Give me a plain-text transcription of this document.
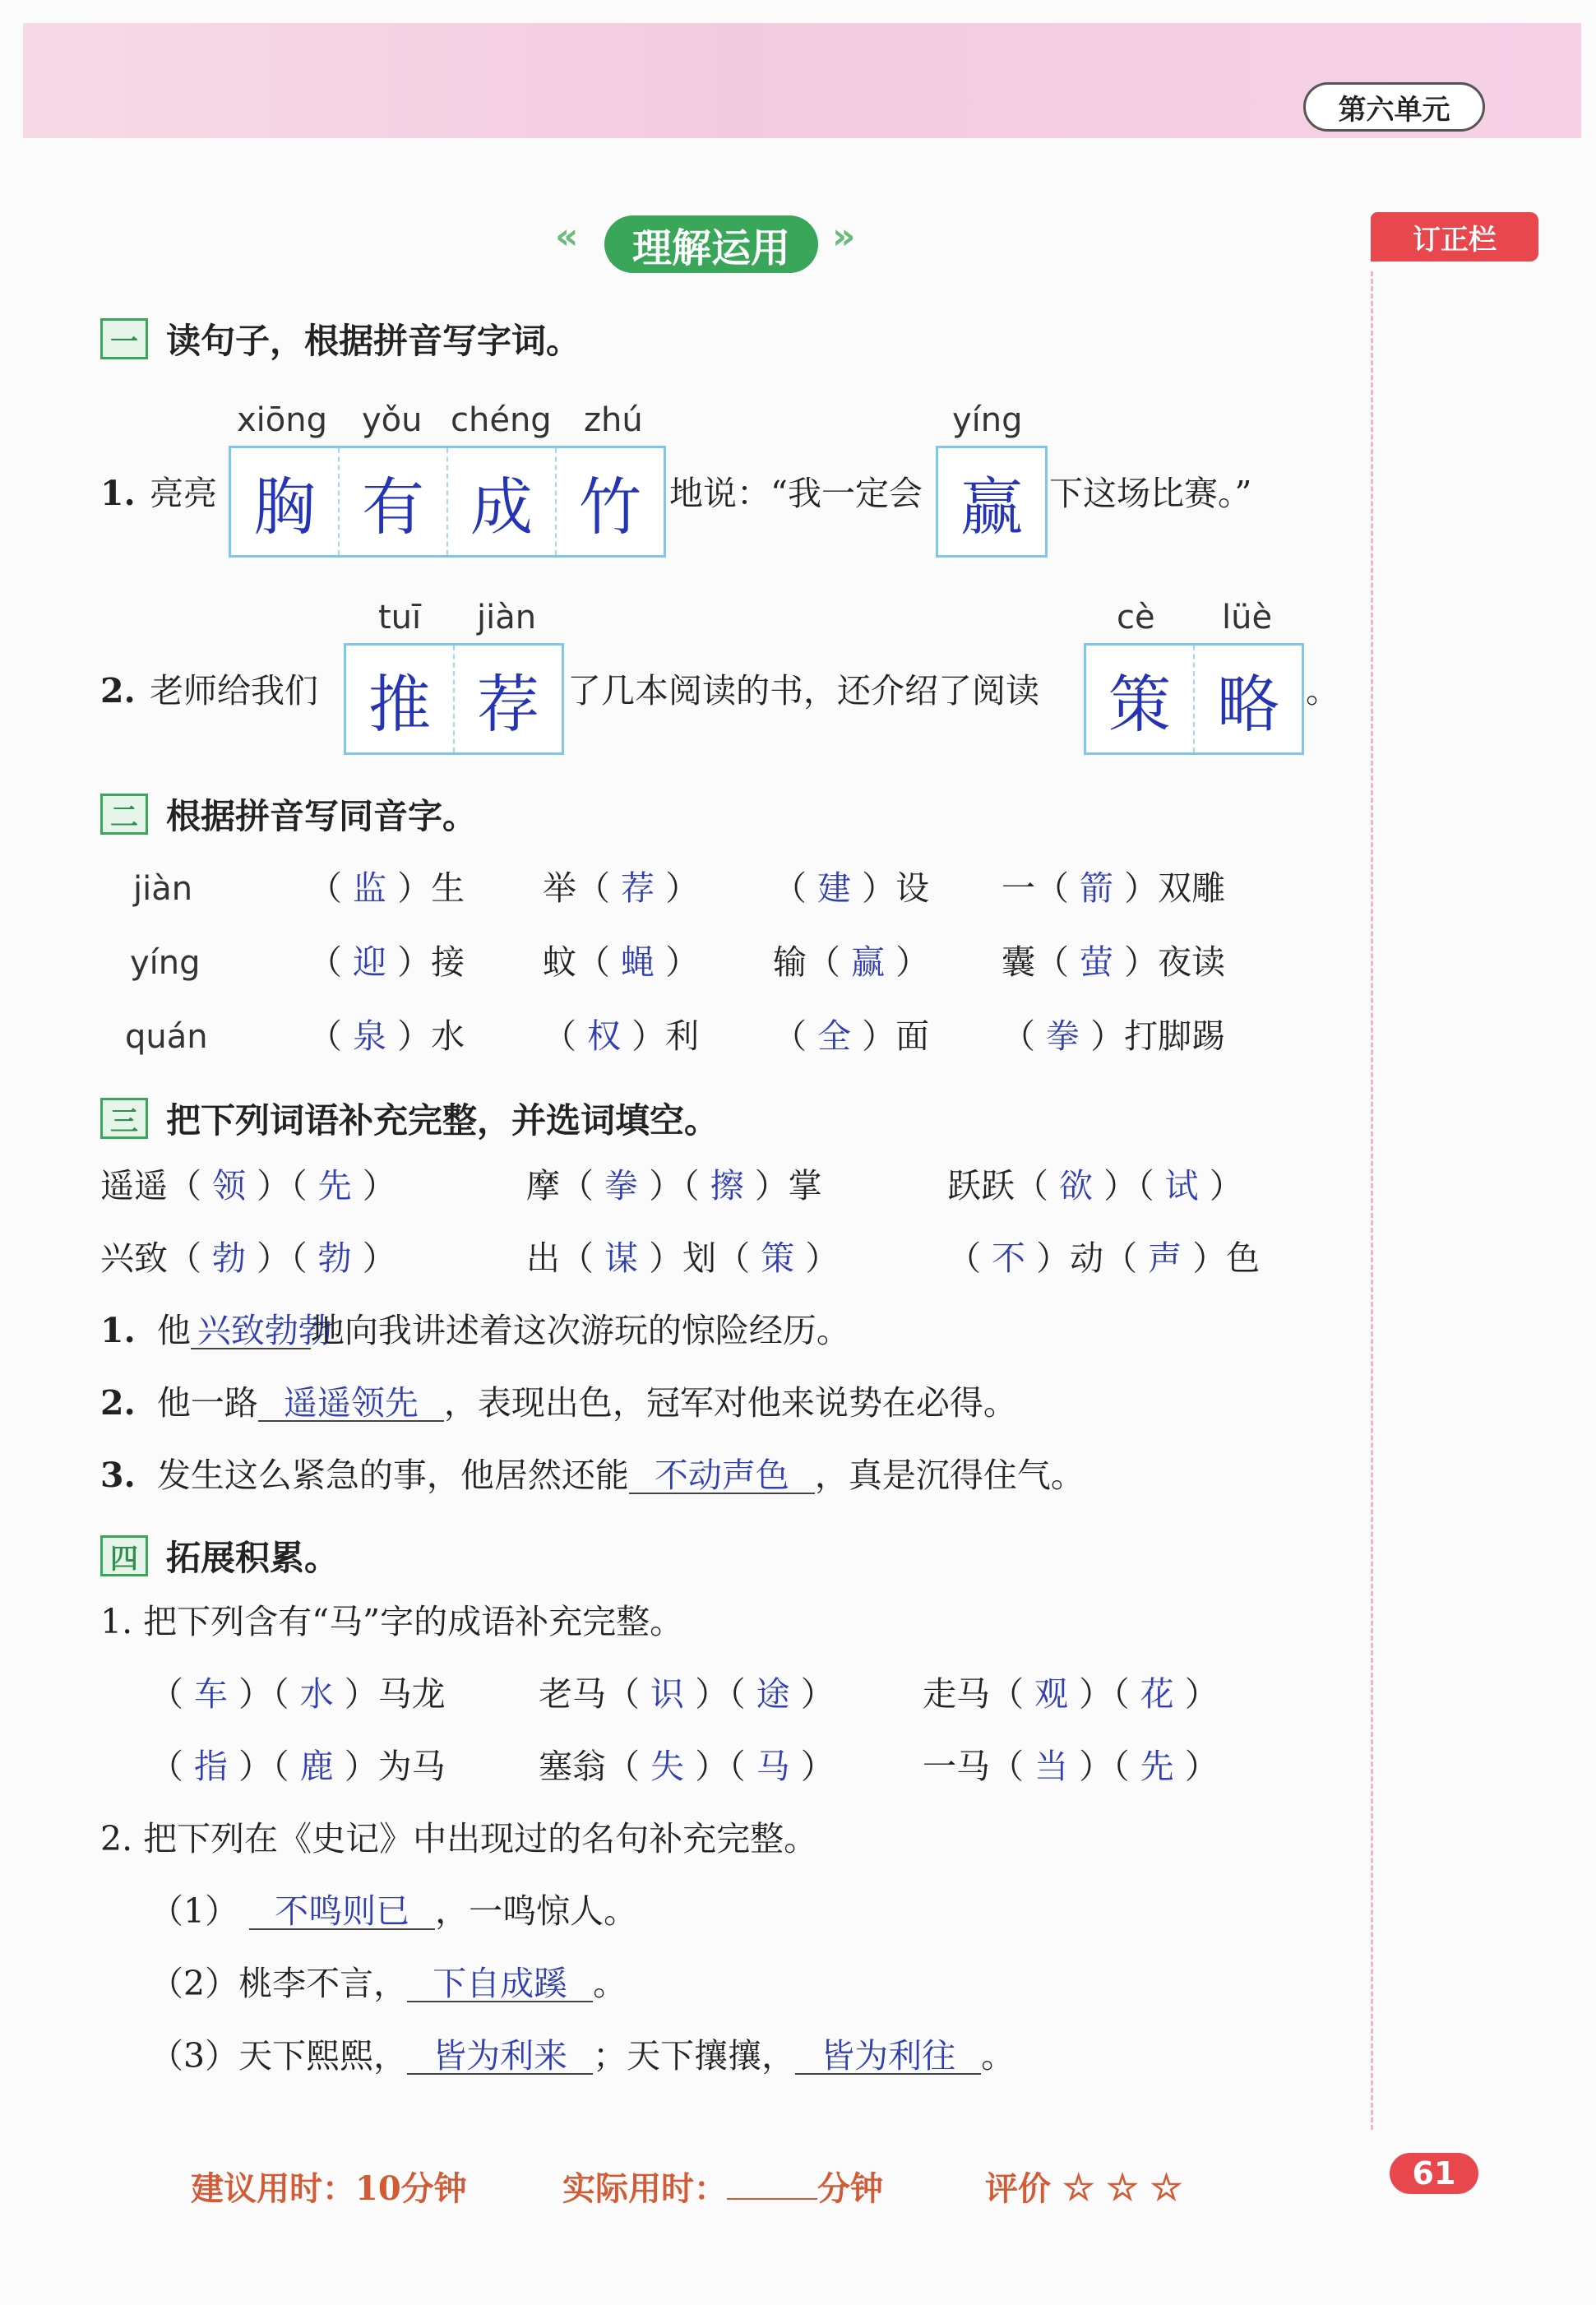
第六单元
订正栏
«	理解运用	»
一 读句子，根据拼音写字词。
xiōng yǒu chéng zhú	yíng
1. 亮亮 胸 有 成 竹 地说：“我一定会 赢 下这场比赛。”
tuī jiàn	cè lüè
2. 老师给我们 推 荐 了几本阅读的书，还介绍了阅读	策 略 。
二 根据拼音写同音字。
jiàn	（ 监 ）生 举（ 荐 ） （ 建 ）设 一（ 箭 ）双雕
yíng	（ 迎 ）接 蚊（ 蝇 ） 输（ 赢 ） 囊（ 萤 ）夜读
quán	（ 泉 ）水 （ 权 ）利 （ 全 ）面 （ 拳 ）打脚踢
三 把下列词语补充完整，并选词填空。
遥遥（ 领 ）（ 先 ）	摩（ 拳 ）（ 擦 ）掌	跃跃（ 欲 ）（ 试 ）
兴致（ 勃 ）（ 勃 ）	出（ 谋 ）划（ 策 ）	（ 不 ）动（ 声 ）色
1. 他 兴致勃勃地向我讲述着这次游玩的惊险经历。
2. 他一路 遥遥领先 ，表现出色，冠军对他来说势在必得。
3. 发生这么紧急的事，他居然还能 不动声色 ，真是沉得住气。
四 拓展积累。
1. 把下列含有“马”字的成语补充完整。
（ 车 ）（ 水 ）马龙	老马（ 识 ）（ 途 ）	走马（ 观 ）（ 花 ）
（ 指 ）（ 鹿 ）为马	塞翁（ 失 ）（ 马 ）	一马（ 当 ）（ 先 ）
2. 把下列在《史记》中出现过的名句补充完整。
（1） 不鸣则已 ，一鸣惊人。
（2）桃李不言， 下自成蹊 。
（3）天下熙熙， 皆为利来 ；天下攘攘， 皆为利往 。
建议用时：10分钟	实际用时：	分钟	评价 ☆ ☆ ☆	61
